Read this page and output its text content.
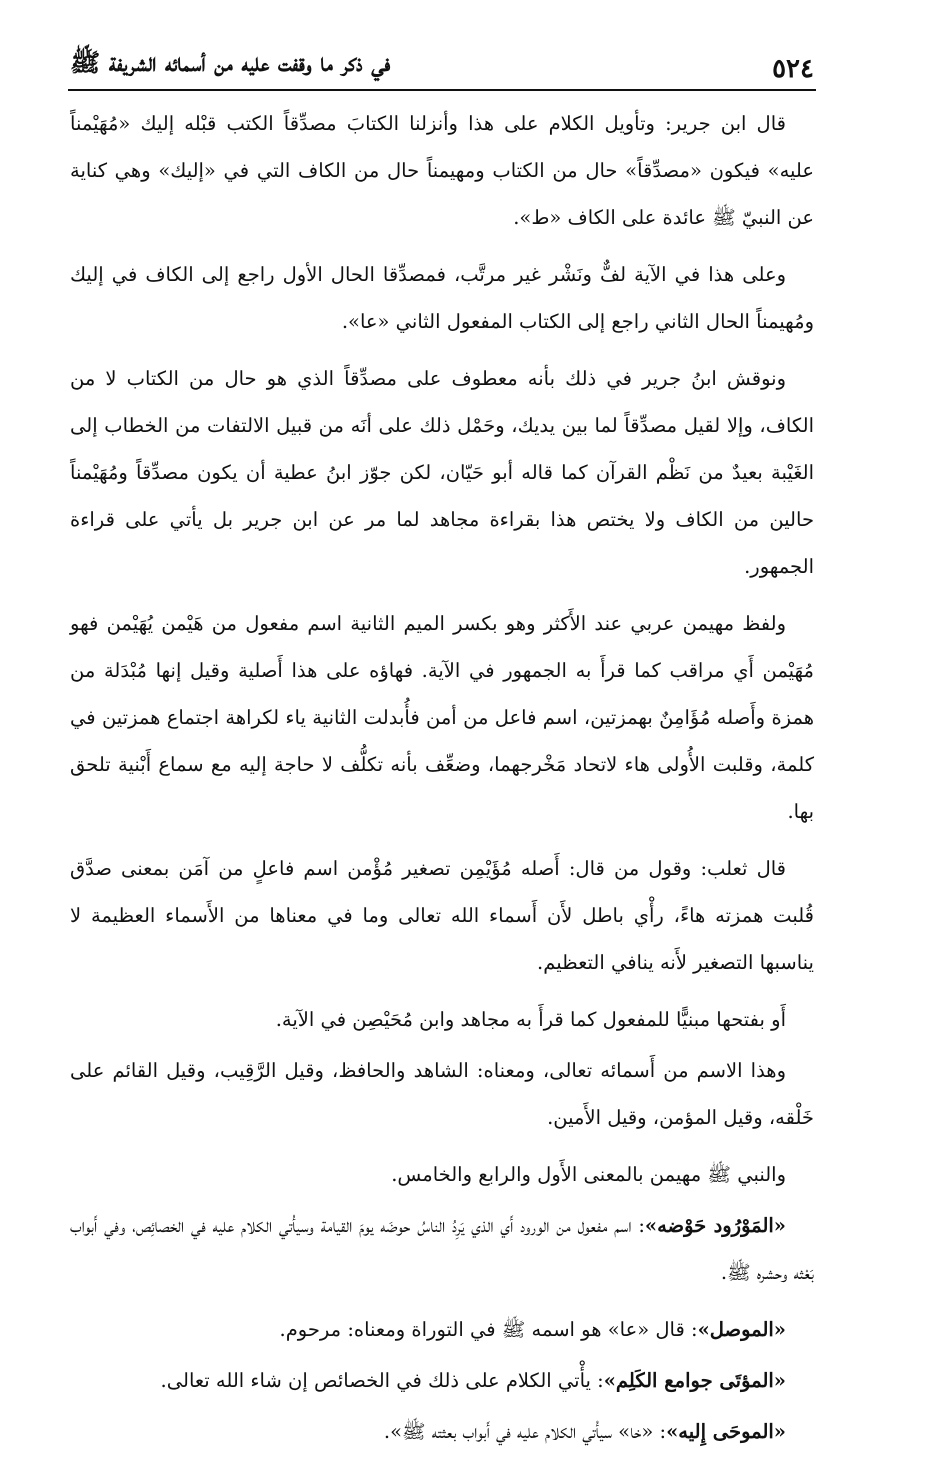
٥٢٤
في ذكر ما وقفت عليه من أسمائه الشريفة ﷺ

قال ابن جرير: وتأويل الكلام على هذا وأنزلنا الكتابَ مصدِّقاً الكتب قبْله إليك «مُهَيْمناً عليه» فيكون «مصدِّقاً» حال من الكتاب ومهيمناً حال من الكاف التي في «إليك» وهي كناية عن النبيّ ﷺ عائدة على الكاف «ط».

وعلى هذا في الآية لفٌّ ونَشْر غير مرتَّب، فمصدِّقا الحال الأول راجع إلى الكاف في إليك ومُهيمناً الحال الثاني راجع إلى الكتاب المفعول الثاني «عا».

ونوقش ابنُ جرير في ذلك بأنه معطوف على مصدِّقاً الذي هو حال من الكتاب لا من الكاف، وإلا لقيل مصدِّقاً لما بين يديك، وحَمْل ذلك على أنَه من قبيل الالتفات من الخطاب إلى الغَيْبة بعيدٌ من نَظْم القرآن كما قاله أبو حَيّان، لكن جوّز ابنُ عطية أن يكون مصدِّقاً ومُهَيْمناً حالين من الكاف ولا يختص هذا بقراءة مجاهد لما مر عن ابن جرير بل يأتي على قراءة الجمهور.

ولفظ مهيمن عربي عند الأَكثر وهو بكسر الميم الثانية اسم مفعول من هَيْمن يُهَيْمن فهو مُهَيْمن أَي مراقب كما قرأَ به الجمهور في الآية. فهاؤه على هذا أَصلية وقيل إنها مُبْدَلة من همزة وأَصله مُؤَامِنٌ بهمزتين، اسم فاعل من أمن فأُبدلت الثانية ياء لكراهة اجتماع همزتين في كلمة، وقلبت الأُولى هاء لاتحاد مَخْرجهما، وضعِّف بأنه تكلُّف لا حاجة إليه مع سماع أَبْنية تلحق بها.

قال ثعلب: وقول من قال: أَصله مُؤَيْمِن تصغير مُؤْمن اسم فاعلٍ من آمَن بمعنى صدَّق قُلبت همزته هاءً، رأْي باطل لأَن أَسماء الله تعالى وما في معناها من الأَسماء العظيمة لا يناسبها التصغير لأَنه ينافي التعظيم.

أَو بفتحها مبنيًّا للمفعول كما قرأَ به مجاهد وابن مُحَيْصِن في الآية.

وهذا الاسم من أَسمائه تعالى، ومعناه: الشاهد والحافظ، وقيل الرَّقِيب، وقيل القائم على خَلْقه، وقيل المؤمن، وقيل الأَمين.

والنبي ﷺ مهيمن بالمعنى الأَول والرابع والخامس.

«المَوْرُود حَوْضه»: اسم مفعول من الورود أَي الذي يَرِدُ الناسُ حوضَه يومَ القيامة وسيأْتي الكلام عليه في الخصائِص، وفي أَبواب بَعْثه وحشره ﷺ.

«الموصل»: قال «عا» هو اسمه ﷺ في التوراة ومعناه: مرحوم.

«المؤتَى جوامع الكَلِم»: يأْتي الكلام على ذلك في الخصائص إن شاء الله تعالى.

«الموحَى إِليه»: «خا» سيأْتي الكلام عليه في أَبواب بعثته ﷺ».
